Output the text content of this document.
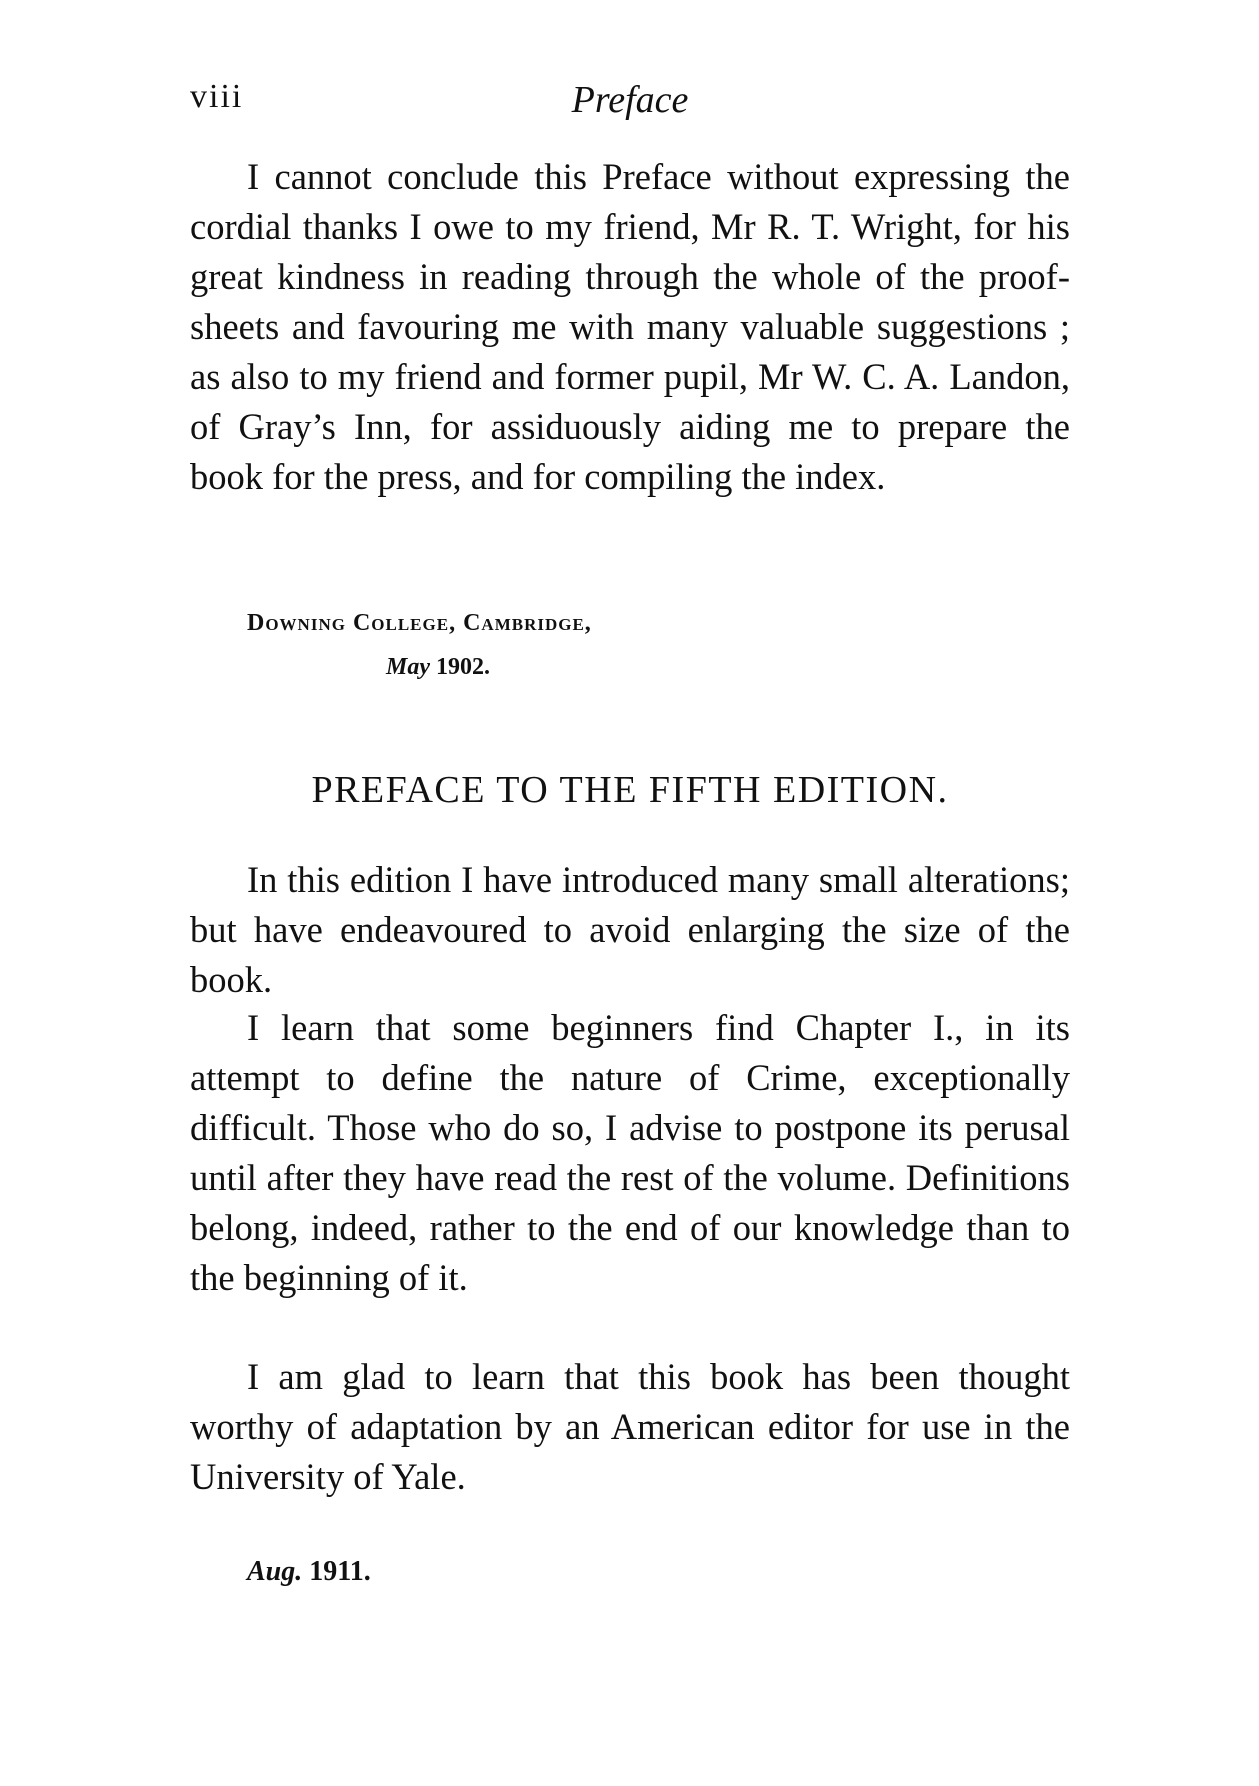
viii	Preface

I cannot conclude this Preface without expressing the cordial thanks I owe to my friend, Mr R. T. Wright, for his great kindness in reading through the whole of the proof-sheets and favouring me with many valuable suggestions ; as also to my friend and former pupil, Mr W. C. A. Landon, of Gray’s Inn, for assiduously aiding me to prepare the book for the press, and for compiling the index.

Downing College, Cambridge,
May 1902.
PREFACE TO THE FIFTH EDITION.

In this edition I have introduced many small alterations; but have endeavoured to avoid enlarging the size of the book.

I learn that some beginners find Chapter I., in its attempt to define the nature of Crime, exceptionally difficult. Those who do so, I advise to postpone its perusal until after they have read the rest of the volume. Definitions belong, indeed, rather to the end of our knowledge than to the beginning of it.

I am glad to learn that this book has been thought worthy of adaptation by an American editor for use in the University of Yale.

Aug. 1911.
